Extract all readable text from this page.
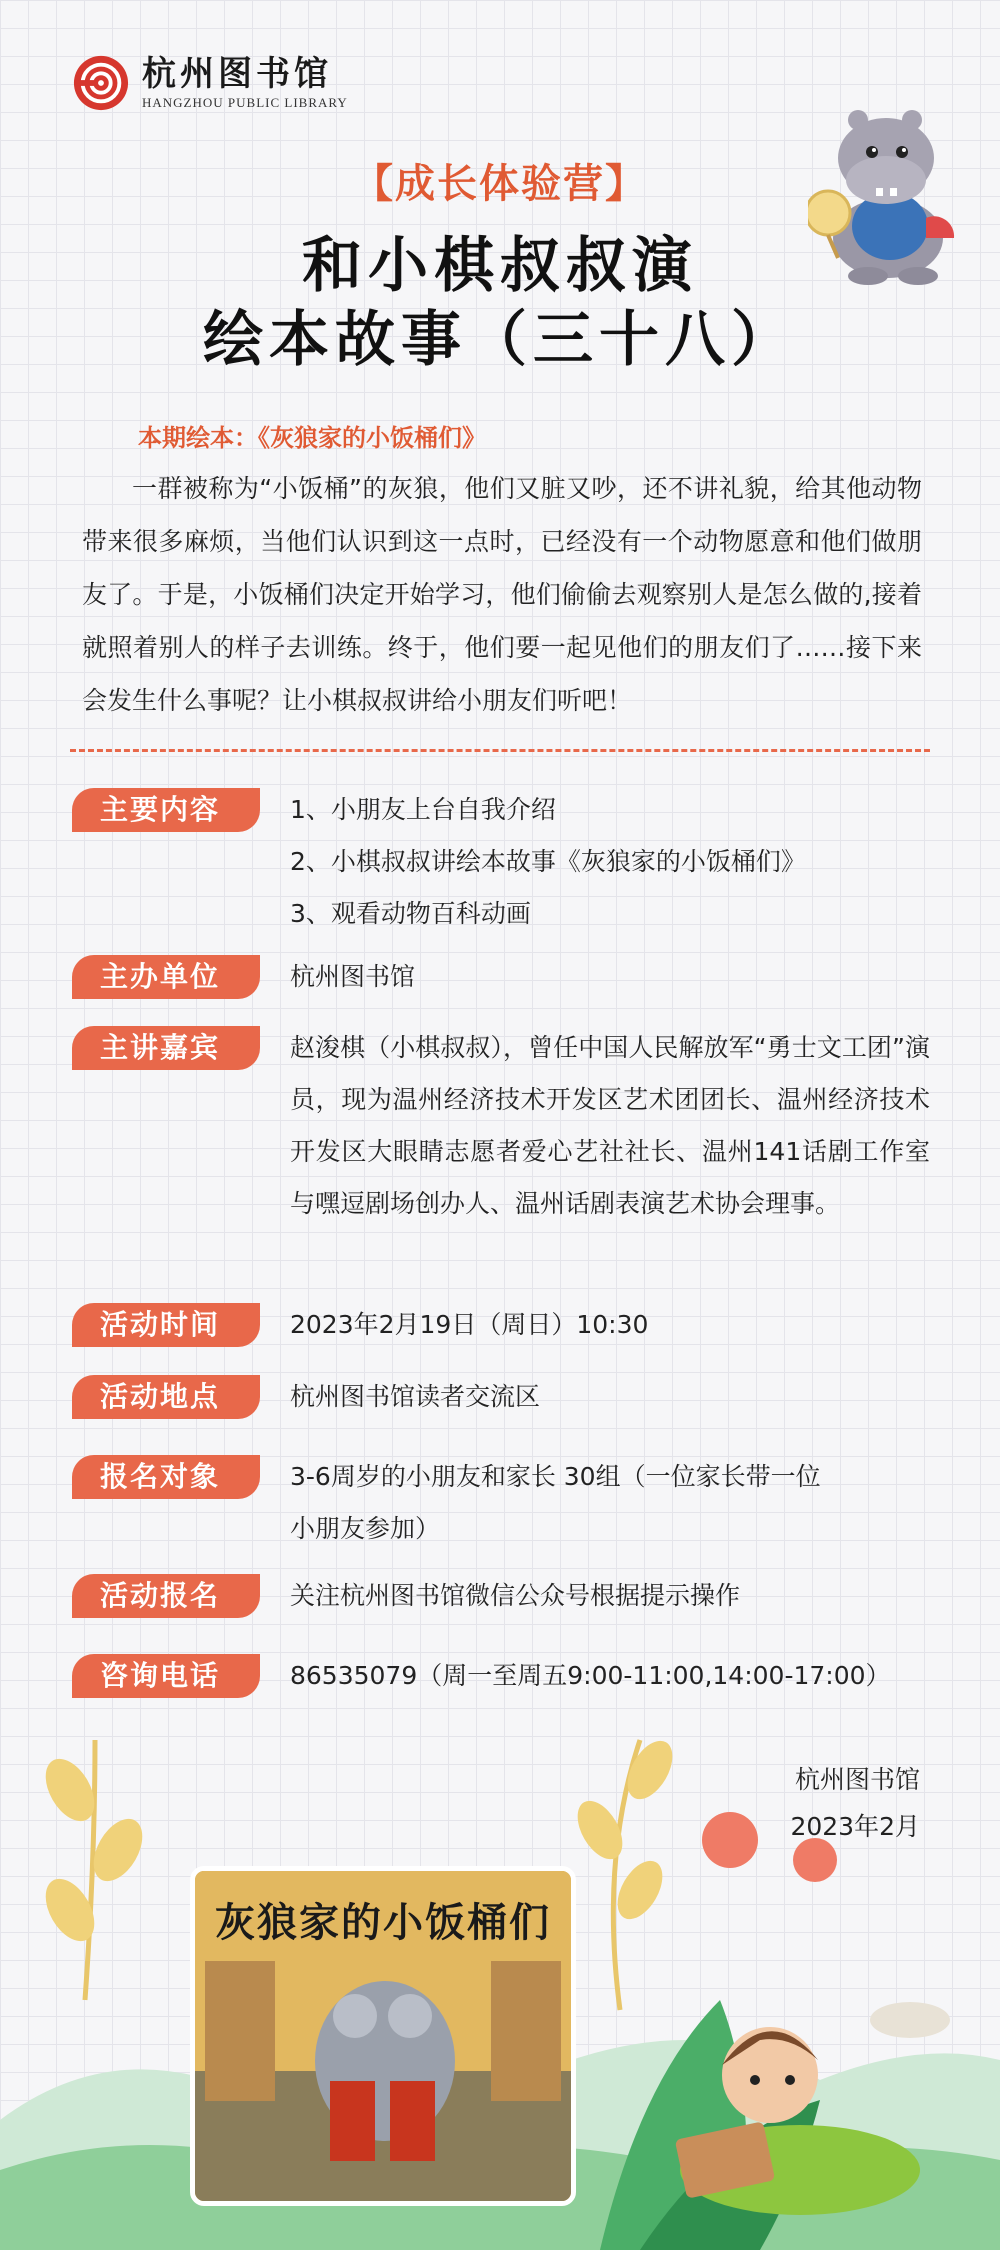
杭州图书馆
HANGZHOU PUBLIC LIBRARY
【成长体验营】
和小棋叔叔演
绘本故事（三十八）
本期绘本：《灰狼家的小饭桶们》
一群被称为“小饭桶”的灰狼，他们又脏又吵，还不讲礼貌，给其他动物带来很多麻烦，当他们认识到这一点时，已经没有一个动物愿意和他们做朋友了。于是，小饭桶们决定开始学习，他们偷偷去观察别人是怎么做的,接着就照着别人的样子去训练。终于，他们要一起见他们的朋友们了……接下来会发生什么事呢？让小棋叔叔讲给小朋友们听吧！
主要内容	1、小朋友上台自我介绍
2、小棋叔叔讲绘本故事《灰狼家的小饭桶们》
3、观看动物百科动画
主办单位	杭州图书馆
主讲嘉宾	赵浚棋（小棋叔叔），曾任中国人民解放军“勇士文工团”演员，现为温州经济技术开发区艺术团团长、温州经济技术开发区大眼睛志愿者爱心艺社社长、温州141话剧工作室与嘿逗剧场创办人、温州话剧表演艺术协会理事。
活动时间	2023年2月19日（周日）10:30
活动地点	杭州图书馆读者交流区
报名对象	3-6周岁的小朋友和家长 30组（一位家长带一位
小朋友参加）
活动报名	关注杭州图书馆微信公众号根据提示操作
咨询电话	86535079（周一至周五9:00-11:00,14:00-17:00）
灰狼家的小饭桶们
杭州图书馆
2023年2月
